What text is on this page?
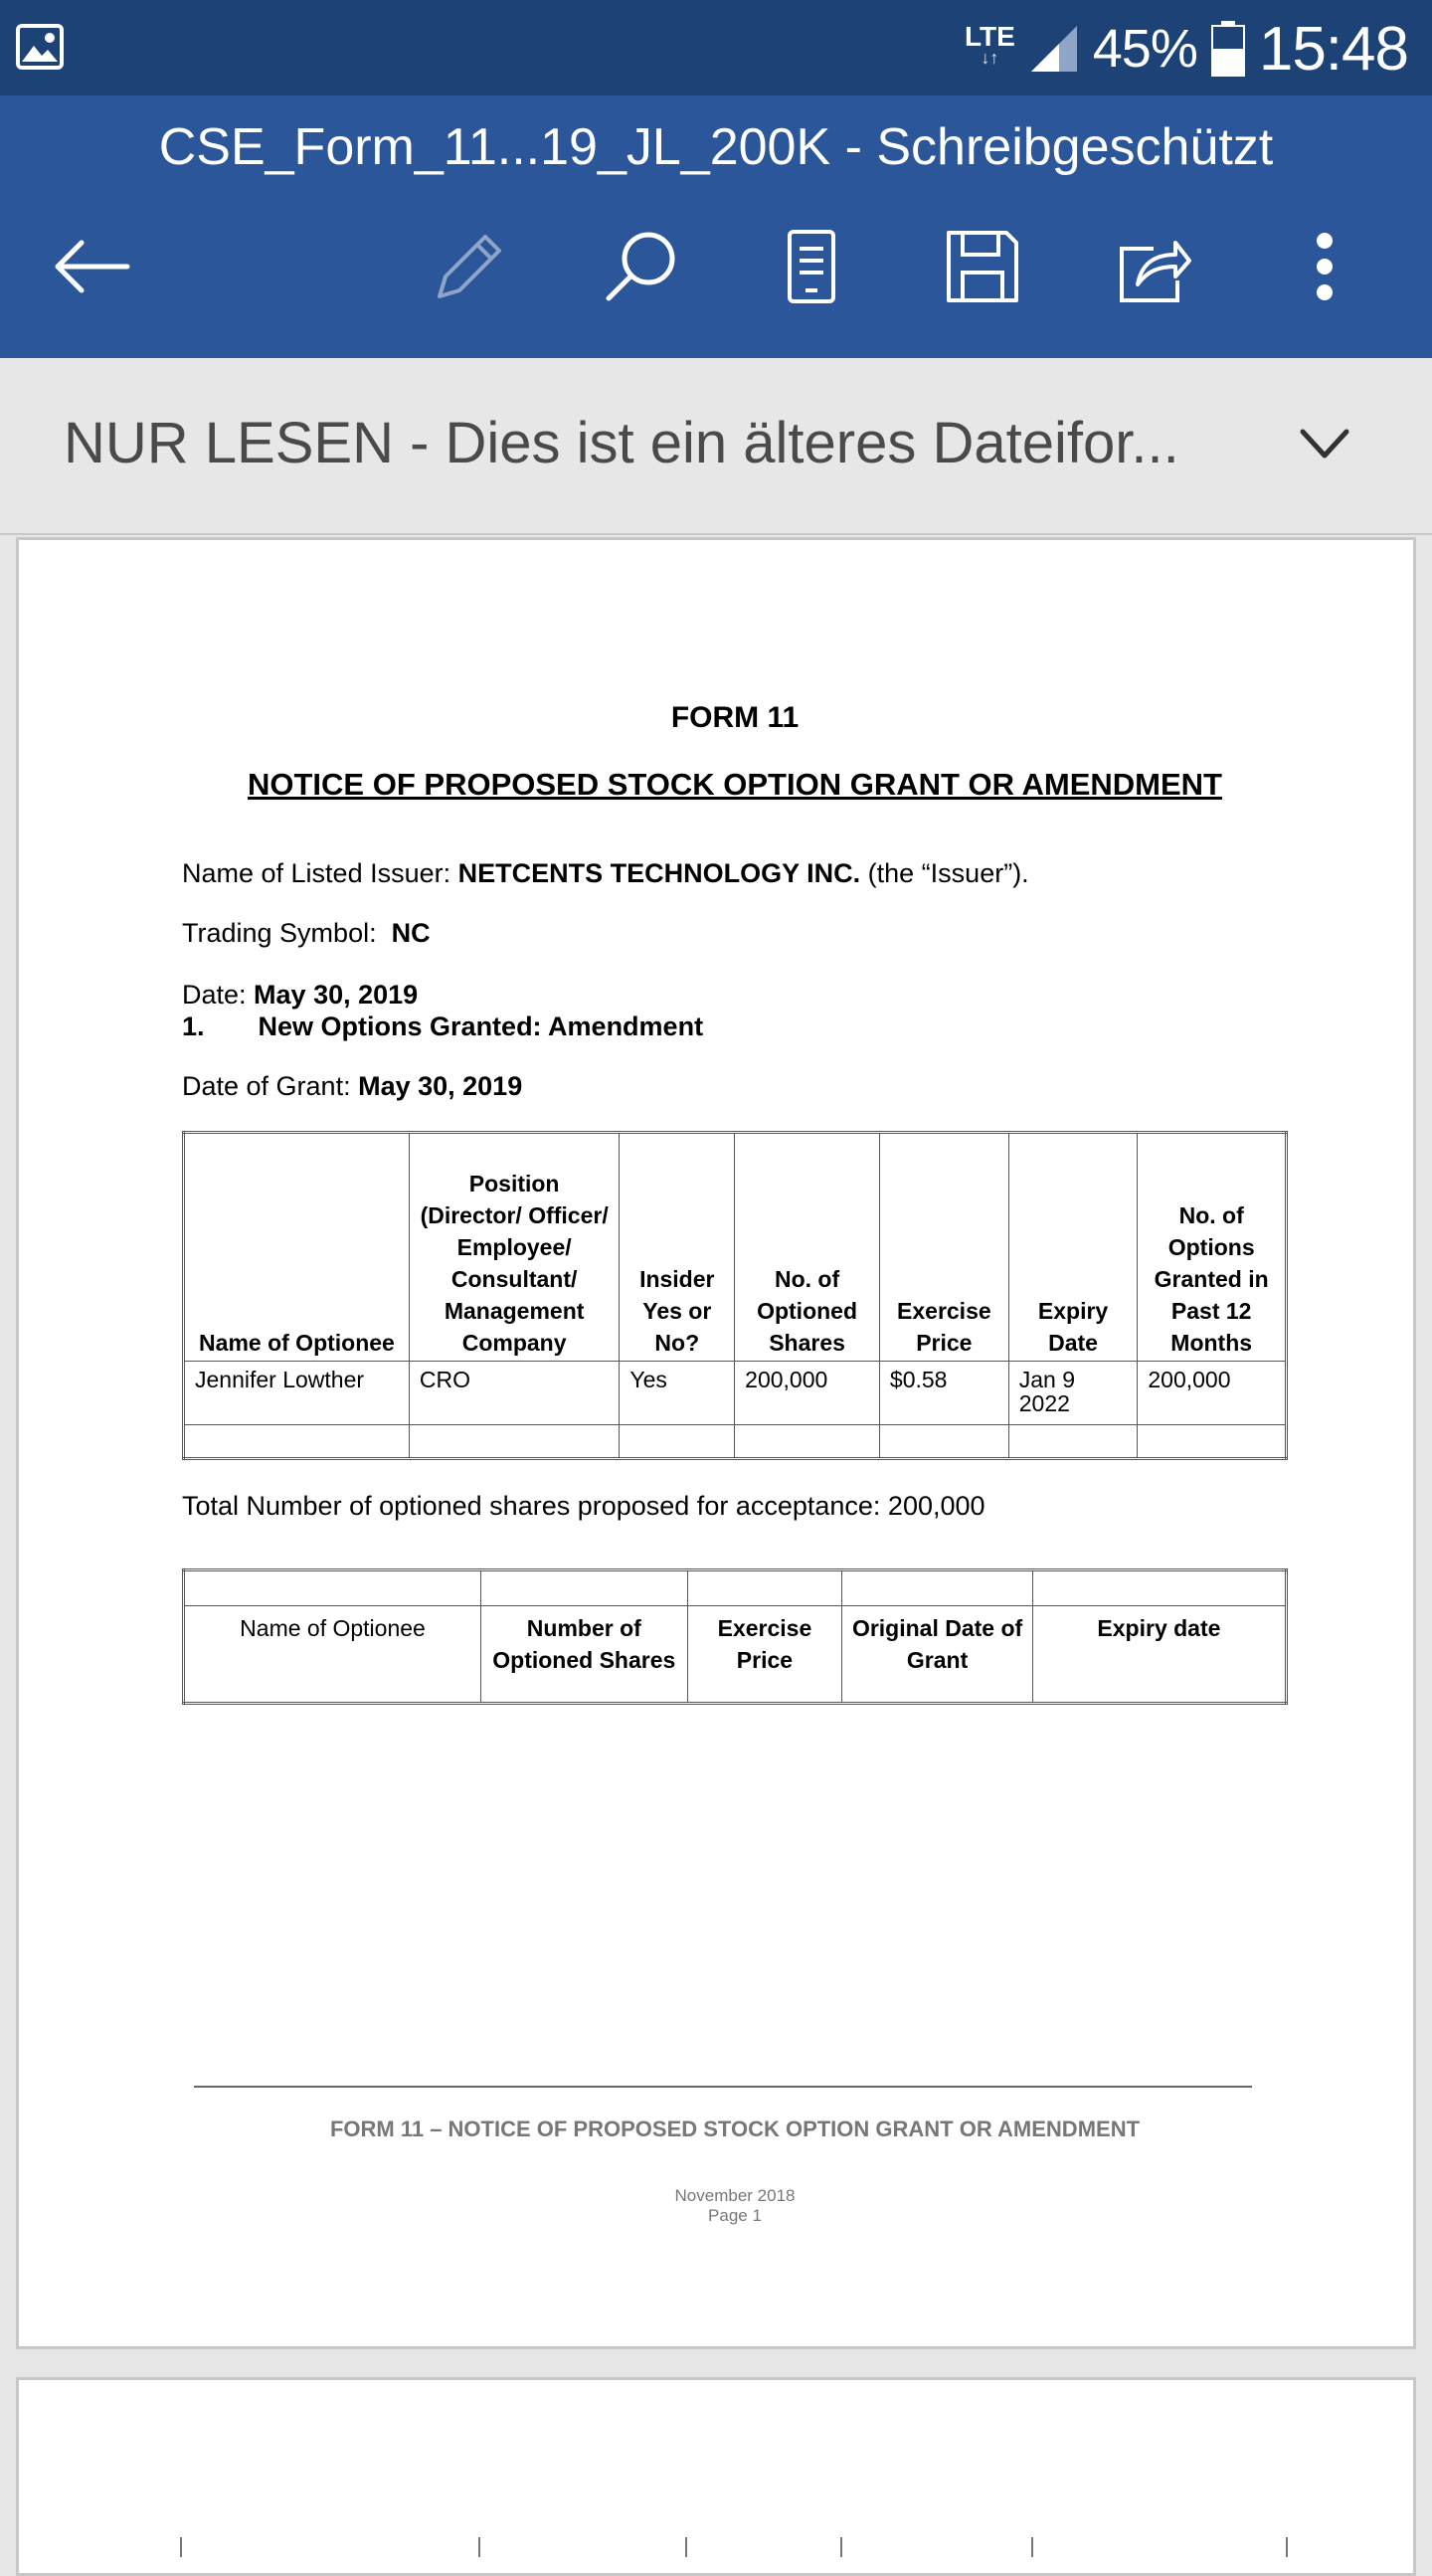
LTE
↓↑	45% 15:48
CSE_Form_11...19_JL_200K - Schreibgeschützt
NUR LESEN - Dies ist ein älteres Dateifor...
FORM 11
NOTICE OF PROPOSED STOCK OPTION GRANT OR AMENDMENT
Name of Listed Issuer: NETCENTS TECHNOLOGY INC. (the “Issuer”).
Trading Symbol:  NC
Date: May 30, 2019
1. New Options Granted: Amendment
Date of Grant: May 30, 2019
Name of Optionee	Position (Director/ Officer/ Employee/ Consultant/ Management Company	Insider Yes or No?	No. of Optioned Shares	Exercise Price	Expiry Date	No. of Options Granted in Past 12 Months
Jennifer Lowther	CRO	Yes	200,000	$0.58	Jan 9 2022	200,000

Total Number of optioned shares proposed for acceptance: 200,000

Name of Optionee	Number of Optioned Shares	Exercise Price	Original Date of Grant	Expiry date
FORM 11 – NOTICE OF PROPOSED STOCK OPTION GRANT OR AMENDMENT
November 2018
Page 1
